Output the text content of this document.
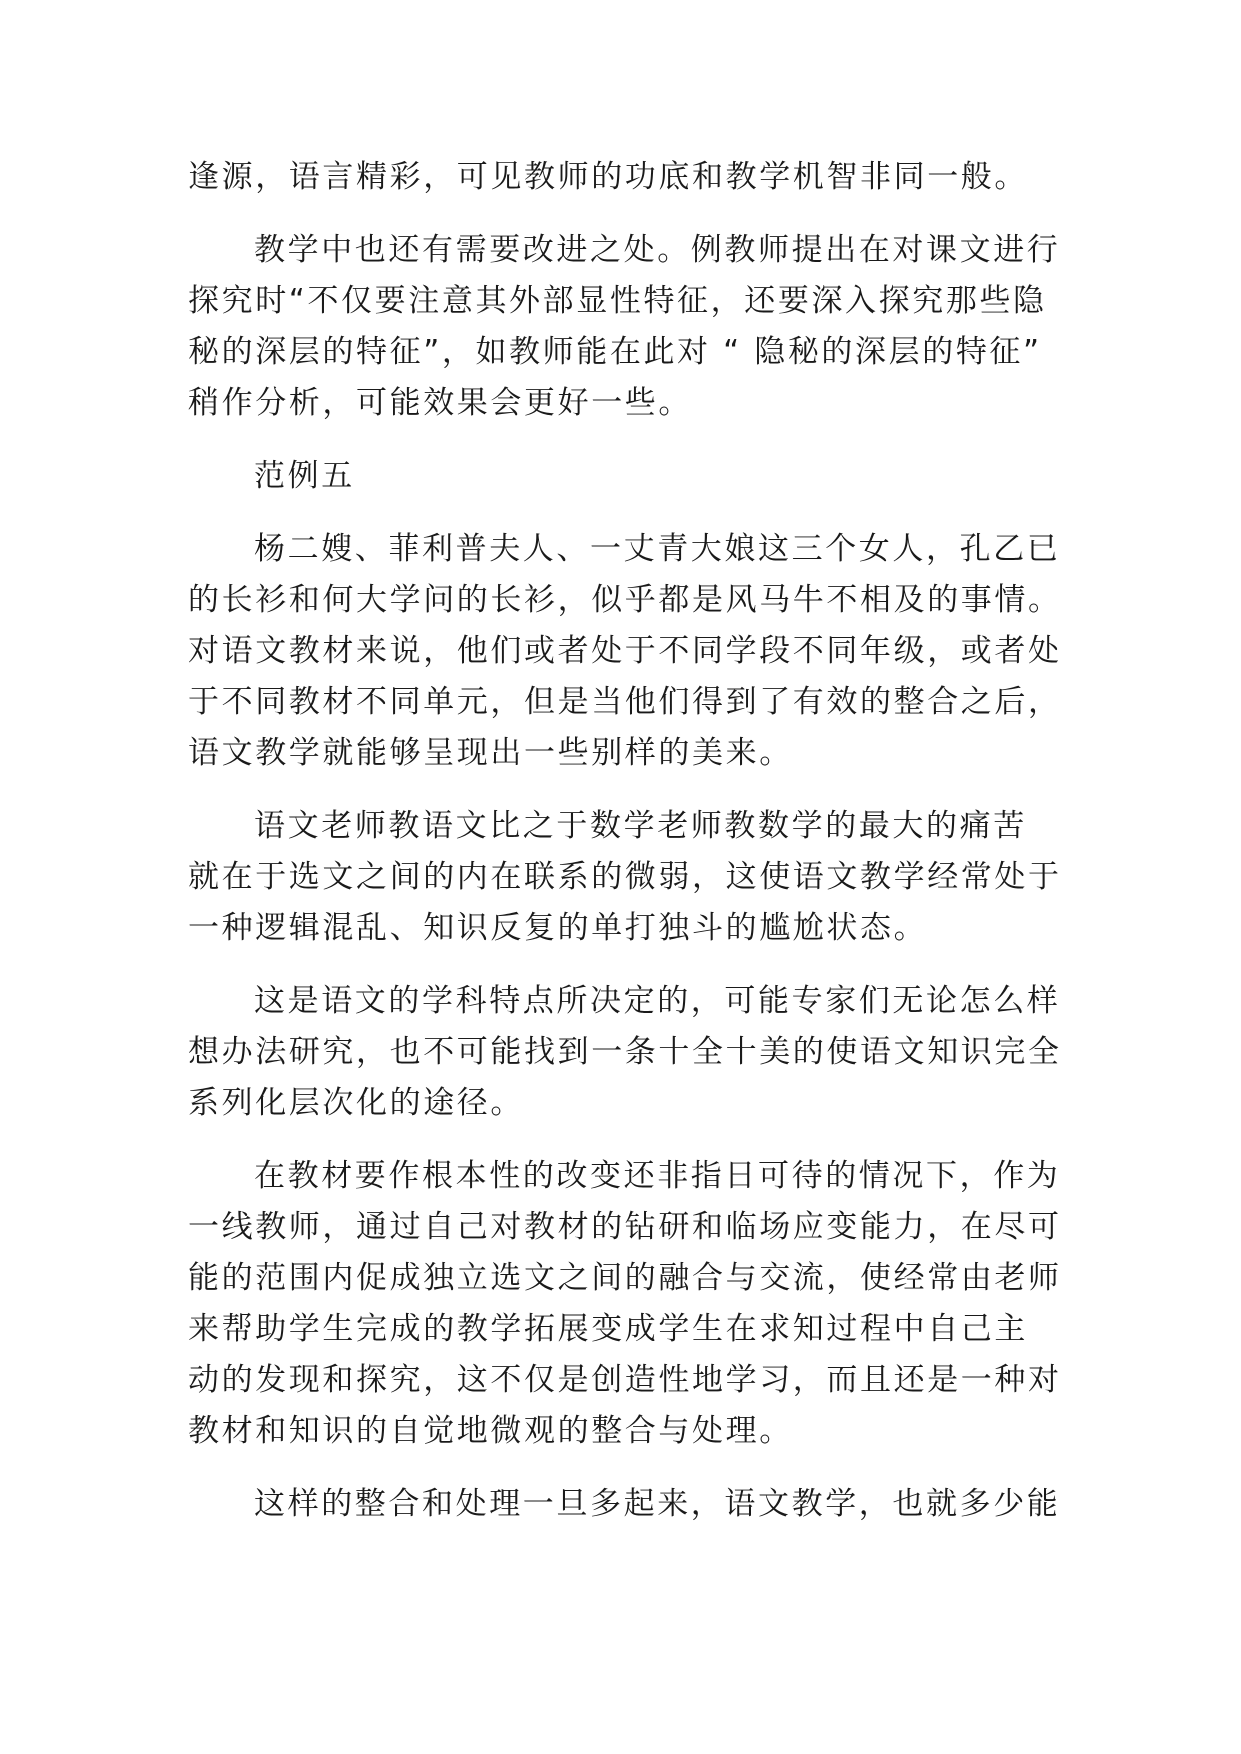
逢源，语言精彩，可见教师的功底和教学机智非同一般。
教学中也还有需要改进之处。例教师提出在对课文进行
探究时“不仅要注意其外部显性特征，还要深入探究那些隐
秘的深层的特征”，如教师能在此对 “ 隐秘的深层的特征”
稍作分析，可能效果会更好一些。
范例五
杨二嫂、菲利普夫人、一丈青大娘这三个女人，孔乙已
的长衫和何大学问的长衫，似乎都是风马牛不相及的事情。
对语文教材来说，他们或者处于不同学段不同年级，或者处
于不同教材不同单元，但是当他们得到了有效的整合之后，
语文教学就能够呈现出一些别样的美来。
语文老师教语文比之于数学老师教数学的最大的痛苦
就在于选文之间的内在联系的微弱，这使语文教学经常处于
一种逻辑混乱、知识反复的单打独斗的尴尬状态。
这是语文的学科特点所决定的，可能专家们无论怎么样
想办法研究，也不可能找到一条十全十美的使语文知识完全
系列化层次化的途径。
在教材要作根本性的改变还非指日可待的情况下，作为
一线教师，通过自己对教材的钻研和临场应变能力，在尽可
能的范围内促成独立选文之间的融合与交流，使经常由老师
来帮助学生完成的教学拓展变成学生在求知过程中自己主
动的发现和探究，这不仅是创造性地学习，而且还是一种对
教材和知识的自觉地微观的整合与处理。
这样的整合和处理一旦多起来，语文教学，也就多少能
